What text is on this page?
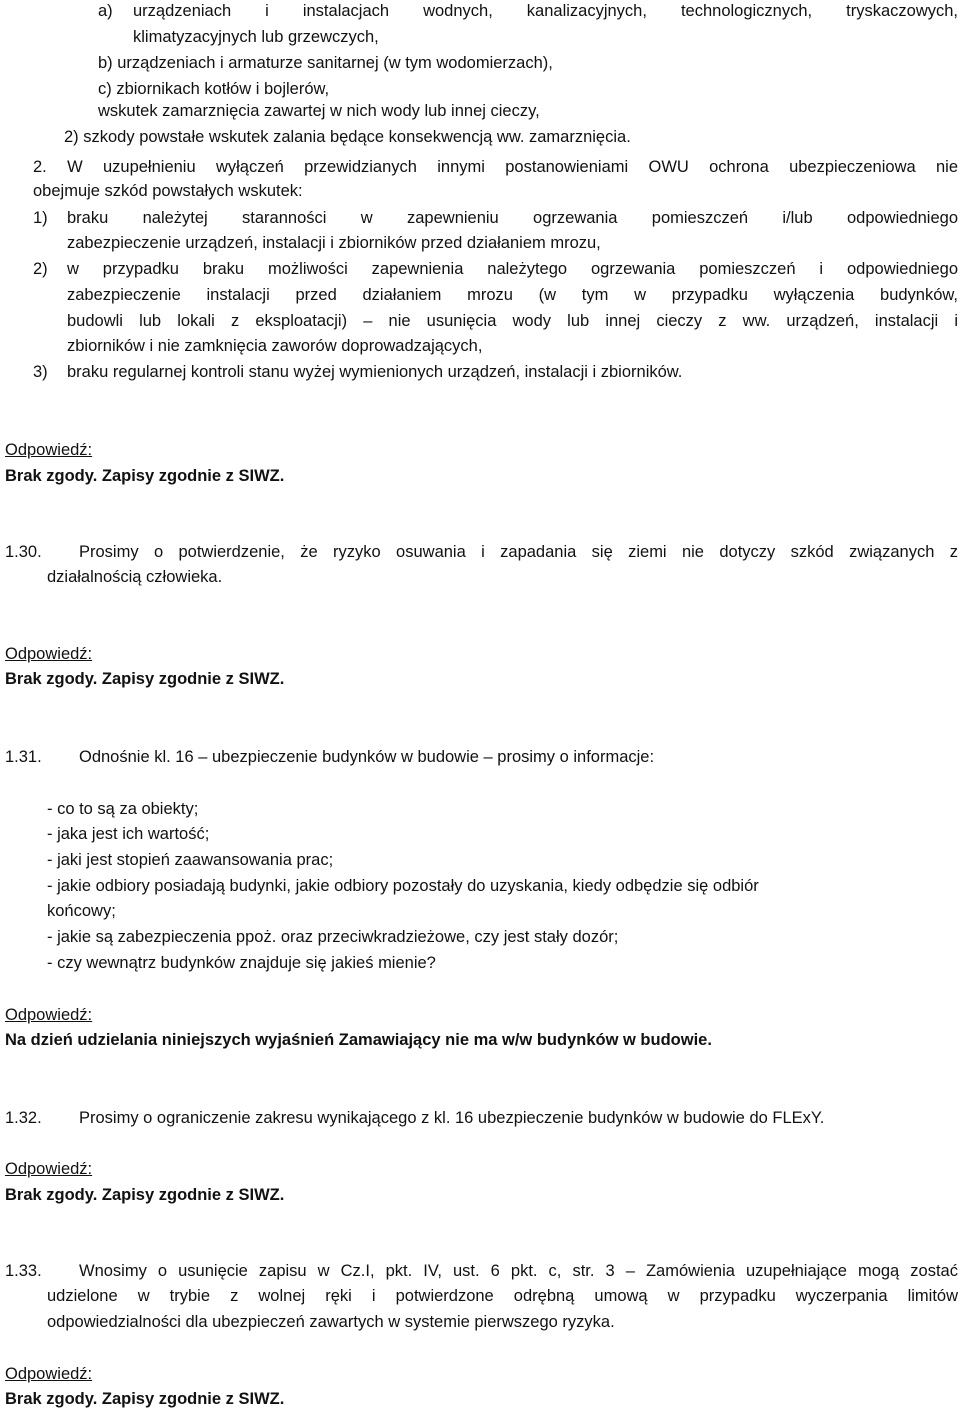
a) urządzeniach i instalacjach wodnych, kanalizacyjnych, technologicznych, tryskaczowych,
klimatyzacyjnych lub grzewczych,
b) urządzeniach i armaturze sanitarnej (w tym wodomierzach),
c) zbiornikach kotłów i bojlerów,
wskutek zamarznięcia zawartej w nich wody lub innej cieczy,
2) szkody powstałe wskutek zalania będące konsekwencją ww. zamarznięcia.
2. W uzupełnieniu wyłączeń przewidzianych innymi postanowieniami OWU ochrona ubezpieczeniowa nie
obejmuje szkód powstałych wskutek:
1) braku należytej staranności w zapewnieniu ogrzewania pomieszczeń i/lub odpowiedniego
zabezpieczenie urządzeń, instalacji i zbiorników przed działaniem mrozu,
2) w przypadku braku możliwości zapewnienia należytego ogrzewania pomieszczeń i odpowiedniego
zabezpieczenie instalacji przed działaniem mrozu (w tym w przypadku wyłączenia budynków,
budowli lub lokali z eksploatacji) – nie usunięcia wody lub innej cieczy z ww. urządzeń, instalacji i
zbiorników i nie zamknięcia zaworów doprowadzających,
3) braku regularnej kontroli stanu wyżej wymienionych urządzeń, instalacji i zbiorników.
Odpowiedź:
Brak zgody. Zapisy zgodnie z SIWZ.
1.30. Prosimy o potwierdzenie, że ryzyko osuwania i zapadania się ziemi nie dotyczy szkód związanych z
działalnością człowieka.
Odpowiedź:
Brak zgody. Zapisy zgodnie z SIWZ.
1.31. Odnośnie kl. 16 – ubezpieczenie budynków w budowie – prosimy o informacje:
- co to są za obiekty;
- jaka jest ich wartość;
- jaki jest stopień zaawansowania prac;
- jakie odbiory posiadają budynki, jakie odbiory pozostały do uzyskania, kiedy odbędzie się odbiór
końcowy;
- jakie są zabezpieczenia ppoż. oraz przeciwkradzieżowe, czy jest stały dozór;
- czy wewnątrz budynków znajduje się jakieś mienie?
Odpowiedź:
Na dzień udzielania niniejszych wyjaśnień Zamawiający nie ma w/w budynków w budowie.
1.32. Prosimy o ograniczenie zakresu wynikającego z kl. 16 ubezpieczenie budynków w budowie do FLExY.
Odpowiedź:
Brak zgody. Zapisy zgodnie z SIWZ.
1.33. Wnosimy o usunięcie zapisu w Cz.I, pkt. IV, ust. 6 pkt. c, str. 3 – Zamówienia uzupełniające mogą zostać
udzielone w trybie z wolnej ręki i potwierdzone odrębną umową w przypadku wyczerpania limitów
odpowiedzialności dla ubezpieczeń zawartych w systemie pierwszego ryzyka.
Odpowiedź:
Brak zgody. Zapisy zgodnie z SIWZ.
